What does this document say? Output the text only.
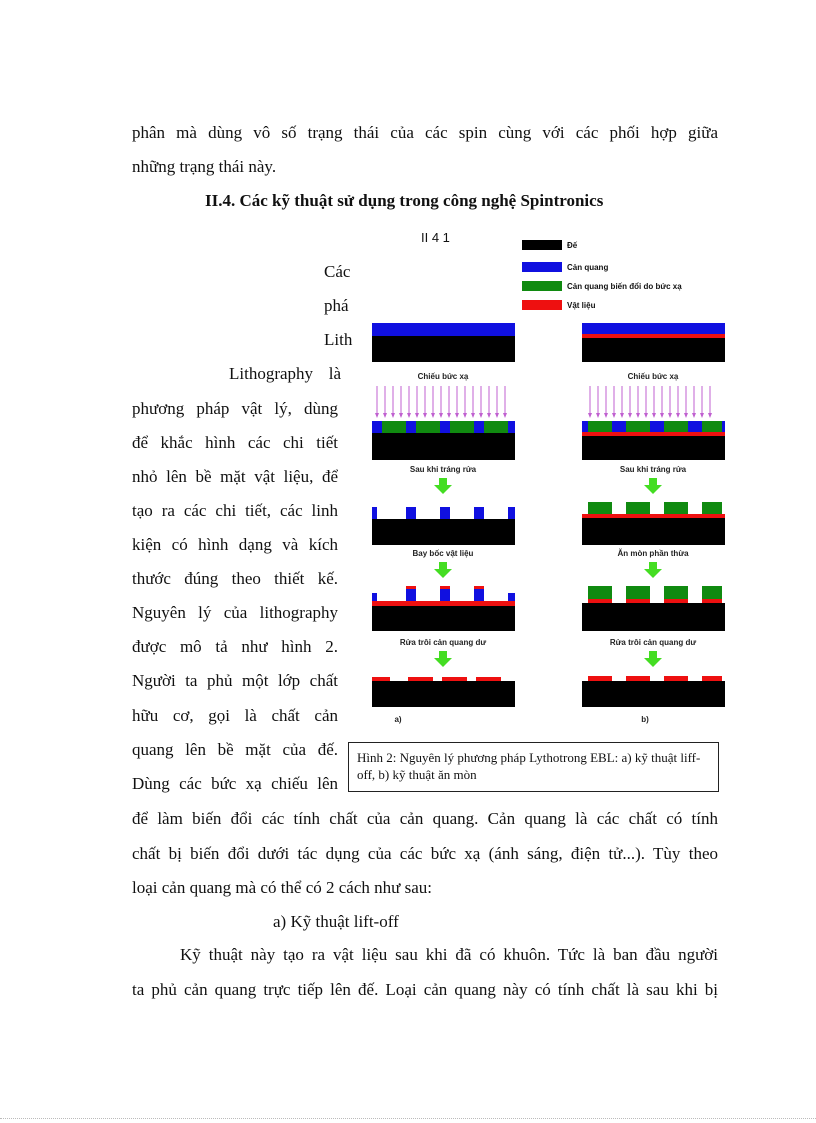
phân mà dùng vô số trạng thái của các spin cùng với các phối hợp giữa
những trạng thái này.
II.4. Các kỹ thuật sử dụng trong công nghệ Spintronics
Các
phá
Lith
Lithography là
phương pháp vật lý, dùng
để khắc hình các chi tiết
nhỏ lên bề mặt vật liệu, để
tạo ra các chi tiết, các linh
kiện có hình dạng và kích
thước đúng theo thiết kế.
Nguyên lý của lithography
được mô tả như hình 2.
Người ta phủ một lớp chất
hữu cơ, gọi là chất cản
quang lên bề mặt của đế.
Dùng các bức xạ chiếu lên
II 4 1
Đế
Cản quang
Cản quang biến đổi do bức xạ
Vật liệu
Chiếu bức xạ
Sau khi tráng rửa
Bay bốc vật liệu
Rửa trôi cản quang dư
a)
Chiếu bức xạ
Sau khi tráng rửa
Ăn mòn phần thừa
Rửa trôi cản quang dư
b)
Hình 2: Nguyên lý phương pháp Lythotrong EBL: a) kỹ thuật liff-off, b) kỹ thuật ăn mòn
để làm biến đổi các tính chất của cản quang. Cản quang là các chất có tính
chất bị biến đổi dưới tác dụng của các bức xạ (ánh sáng, điện tử...). Tùy theo
loại cản quang mà có thể có 2 cách như sau:
a) Kỹ thuật lift-off
Kỹ thuật này tạo ra vật liệu sau khi đã có khuôn. Tức là ban đầu người
ta phủ cản quang trực tiếp lên đế. Loại cản quang này có tính chất là sau khi bị
